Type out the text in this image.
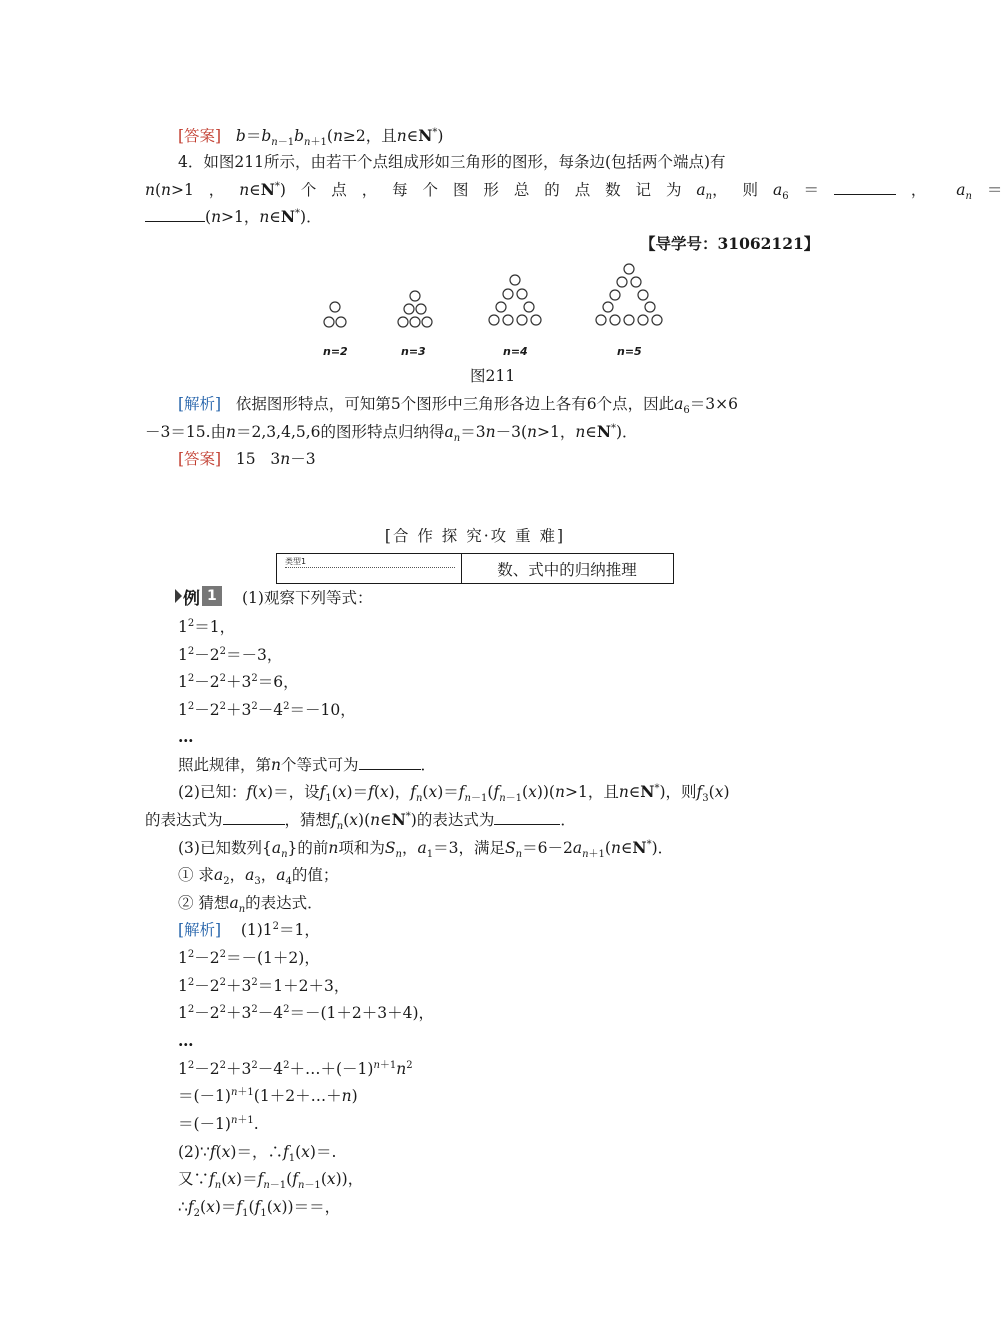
[答案] $b=b_{n-1}b_{n+1}(n\ge 2$，且n∈N*)
4．如图211所示，由若干个点组成形如三角形的图形，每条边(包括两个端点)有
n(n>1 ， n∈N*) 个 点 ， 每 个 图 形 总 的 点 数 记 为 $a_n$， 则 $a_6$ ＝	，  $a_n$ ＝
(n>1，n∈N*)．
【导学号：31062121】
n=2	n=3	n=4	n=5
图211
[解析]   依据图形特点，可知第5个图形中三角形各边上各有6个点，因此$a_6=3\times 6$
－3＝15.由n＝2,3,4,5,6的图形特点归纳得$a_n=3n-3(n>1$，n∈N*)．
[答案]   15   3n－3
[合 作 探 究·攻 重 难]
类型1	数、式中的归纳推理
例 1	(1)观察下列等式：
$1^2=1$，
$1^2-2^2=-3$，
$1^2-2^2+3^2=6$，
$1^2-2^2+3^2-4^2=-10$，
…
照此规律，第n个等式可为	．
(2)已知：f(x)＝，设$f_1(x)=f(x)$，$f_n(x)=f_{n-1}(f_{n-1}(x))(n>1$，且n∈N*)，则$f_3(x)$
的表达式为	，猜想$f_n(x)(n\in N^*)$的表达式为	．
(3)已知数列$\{a_n\}$的前n项和为$S_n$，$a_1=3$，满足$S_n=6-2a_{n+1}(n\in N^*)$．
① 求$a_2$，$a_3$，$a_4$的值；
② 猜想$a_n$的表达式．
[解析]    $(1)1^2=1$，
$1^2-2^2=-(1+2)$，
$1^2-2^2+3^2=1+2+3$，
$1^2-2^2+3^2-4^2=-(1+2+3+4)$，
…
$1^2-2^2+3^2-4^2+\dots+(-1)^{n+1}n^2$
$=(-1)^{n+1}(1+2+\dots+n)$
$=(-1)^{n+1}$.
(2)∵f(x)＝，$\therefore f_1(x)=$.
又$\because f_n(x)=f_{n-1}(f_{n-1}(x))$，
$\therefore f_2(x)=f_1(f_1(x))==$，
